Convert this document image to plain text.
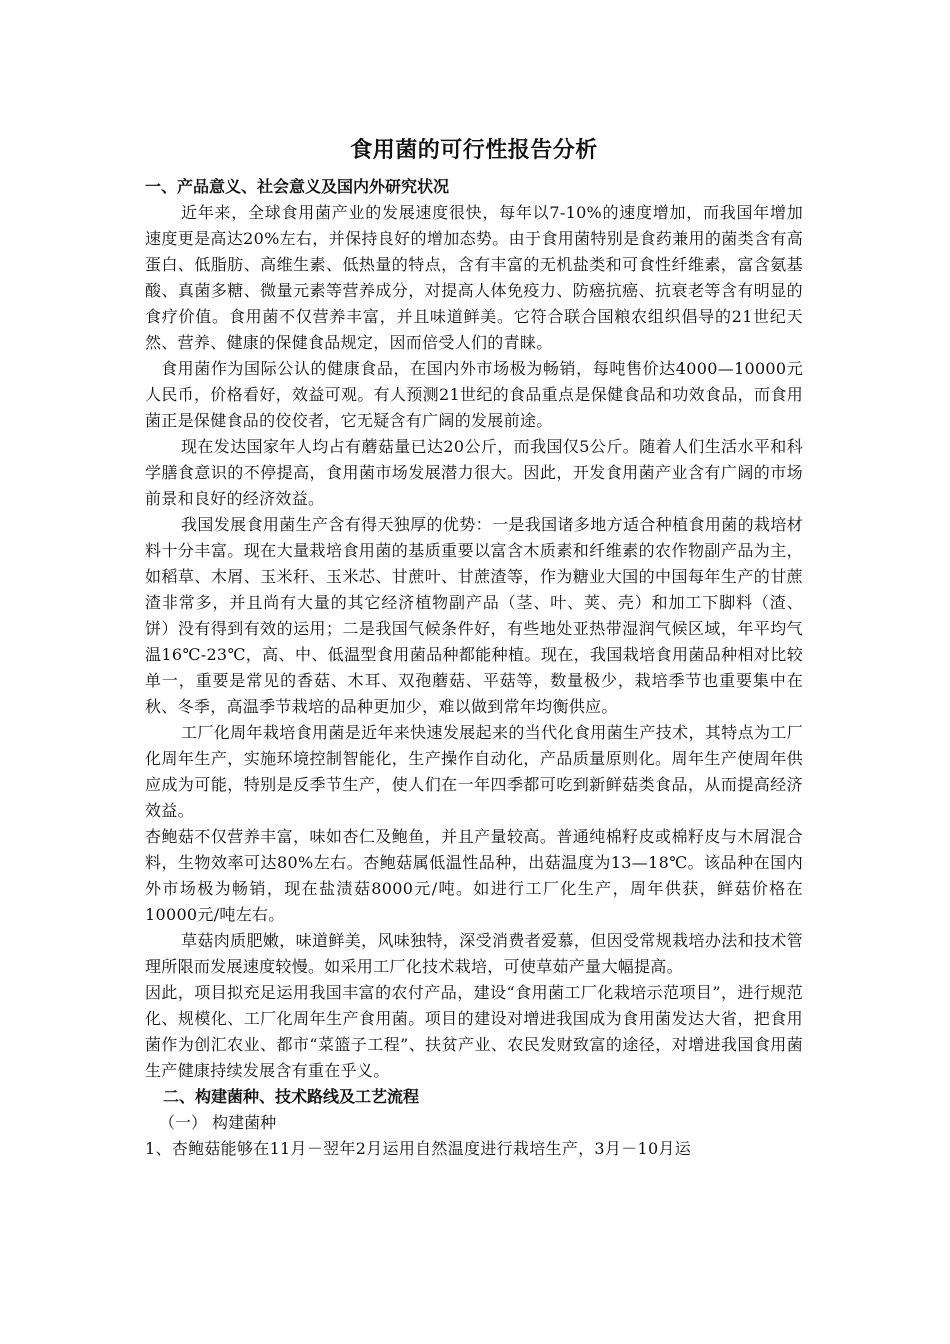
食用菌的可行性报告分析
一、产品意义、社会意义及国内外研究状况

近年来，全球食用菌产业的发展速度很快，每年以7-10%的速度增加，而我国年增加速度更是高达20%左右，并保持良好的增加态势。由于食用菌特别是食药兼用的菌类含有高蛋白、低脂肪、高维生素、低热量的特点，含有丰富的无机盐类和可食性纤维素，富含氨基酸、真菌多糖、微量元素等营养成分，对提高人体免疫力、防癌抗癌、抗衰老等含有明显的食疗价值。食用菌不仅营养丰富，并且味道鲜美。它符合联合国粮农组织倡导的21世纪天然、营养、健康的保健食品规定，因而倍受人们的青睐。

食用菌作为国际公认的健康食品，在国内外市场极为畅销，每吨售价达4000—10000元人民币，价格看好，效益可观。有人预测21世纪的食品重点是保健食品和功效食品，而食用菌正是保健食品的佼佼者，它无疑含有广阔的发展前途。

现在发达国家年人均占有蘑菇量已达20公斤，而我国仅5公斤。随着人们生活水平和科学膳食意识的不停提高，食用菌市场发展潜力很大。因此，开发食用菌产业含有广阔的市场前景和良好的经济效益。

我国发展食用菌生产含有得天独厚的优势：一是我国诸多地方适合种植食用菌的栽培材料十分丰富。现在大量栽培食用菌的基质重要以富含木质素和纤维素的农作物副产品为主，如稻草、木屑、玉米秆、玉米芯、甘蔗叶、甘蔗渣等，作为糖业大国的中国每年生产的甘蔗渣非常多，并且尚有大量的其它经济植物副产品（茎、叶、荚、壳）和加工下脚料（渣、饼）没有得到有效的运用；二是我国气候条件好，有些地处亚热带湿润气候区域，年平均气温16℃-23℃，高、中、低温型食用菌品种都能种植。现在，我国栽培食用菌品种相对比较单一，重要是常见的香菇、木耳、双孢蘑菇、平菇等，数量极少，栽培季节也重要集中在秋、冬季，高温季节栽培的品种更加少，难以做到常年均衡供应。

工厂化周年栽培食用菌是近年来快速发展起来的当代化食用菌生产技术，其特点为工厂化周年生产，实施环境控制智能化，生产操作自动化，产品质量原则化。周年生产使周年供应成为可能，特别是反季节生产，使人们在一年四季都可吃到新鲜菇类食品，从而提高经济效益。

杏鲍菇不仅营养丰富，味如杏仁及鲍鱼，并且产量较高。普通纯棉籽皮或棉籽皮与木屑混合料，生物效率可达80%左右。杏鲍菇属低温性品种，出菇温度为13—18℃。该品种在国内外市场极为畅销，现在盐渍菇8000元/吨。如进行工厂化生产，周年供获，鲜菇价格在10000元/吨左右。

草菇肉质肥嫩，味道鲜美，风味独特，深受消费者爱慕，但因受常规栽培办法和技术管理所限而发展速度较慢。如采用工厂化技术栽培，可使草茹产量大幅提高。

因此，项目拟充足运用我国丰富的农付产品，建设“食用菌工厂化栽培示范项目”，进行规范化、规模化、工厂化周年生产食用菌。项目的建设对增进我国成为食用菌发达大省，把食用菌作为创汇农业、都市“菜篮子工程”、扶贫产业、农民发财致富的途径，对增进我国食用菌生产健康持续发展含有重在乎义。

二、构建菌种、技术路线及工艺流程
（一） 构建菌种

1、杏鲍菇能够在11月－翌年2月运用自然温度进行栽培生产，3月－10月运
